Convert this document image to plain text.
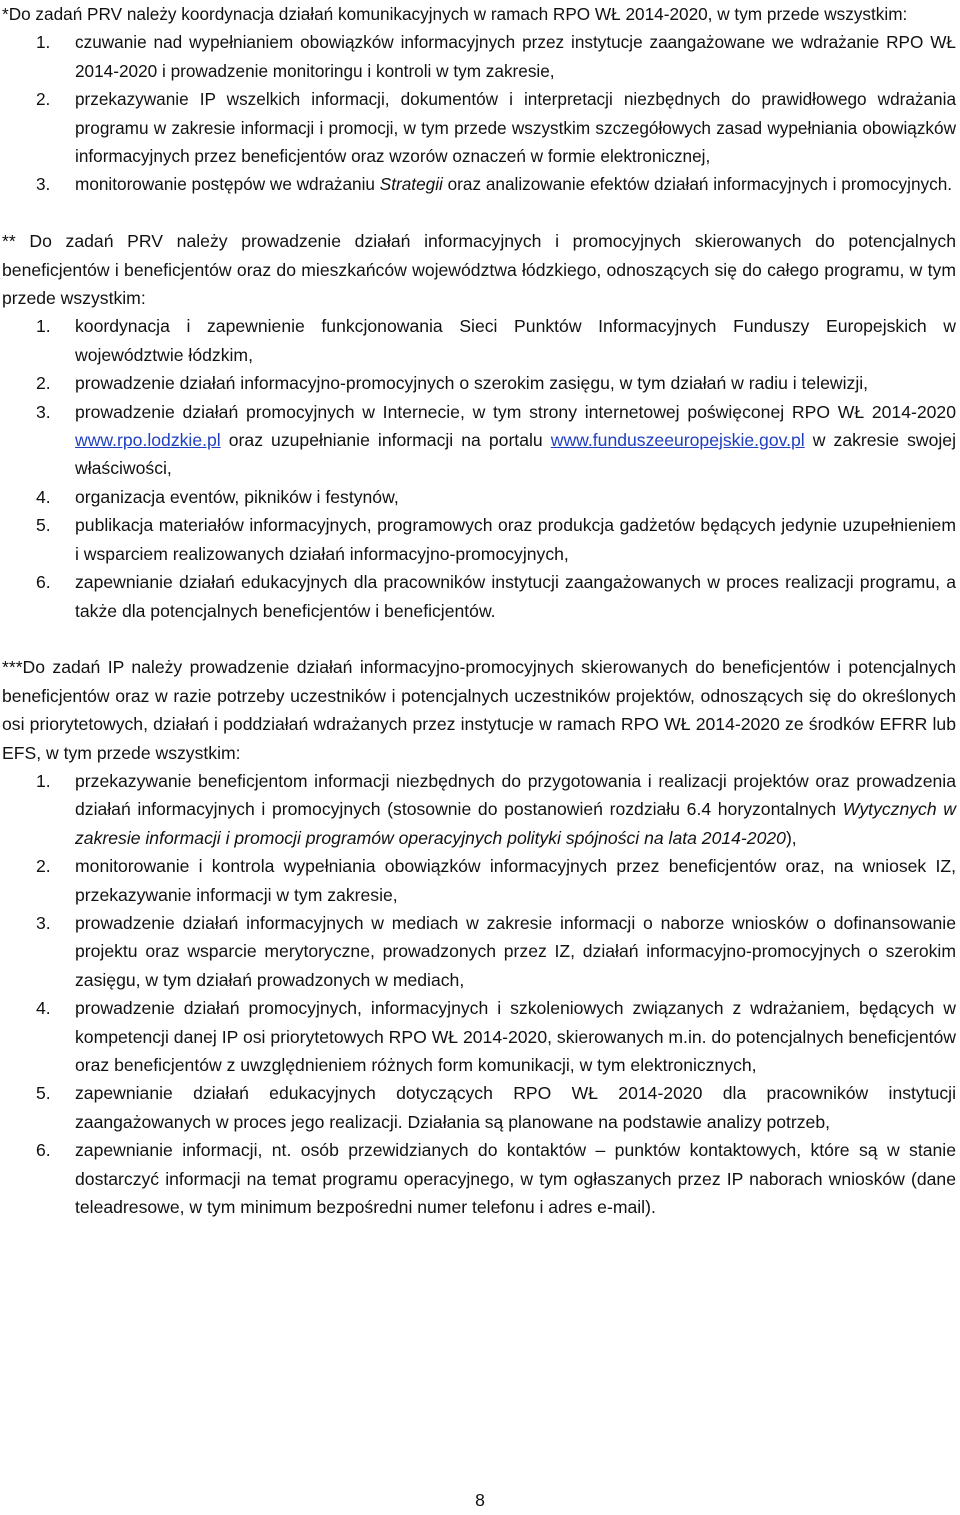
*Do zadań PRV należy koordynacja działań komunikacyjnych w ramach RPO WŁ 2014-2020, w tym przede wszystkim:

1. czuwanie nad wypełnianiem obowiązków informacyjnych przez instytucje zaangażowane we wdrażanie RPO WŁ 2014-2020 i prowadzenie monitoringu i kontroli w tym zakresie,
2. przekazywanie IP wszelkich informacji, dokumentów i interpretacji niezbędnych do prawidłowego wdrażania programu w zakresie informacji i promocji, w tym przede wszystkim szczegółowych zasad wypełniania obowiązków informacyjnych przez beneficjentów oraz wzorów oznaczeń w formie elektronicznej,
3. monitorowanie postępów we wdrażaniu Strategii oraz analizowanie efektów działań informacyjnych i promocyjnych.

** Do zadań PRV należy prowadzenie działań informacyjnych i promocyjnych skierowanych do potencjalnych beneficjentów i beneficjentów oraz do mieszkańców województwa łódzkiego, odnoszących się do całego programu, w tym przede wszystkim:

1. koordynacja i zapewnienie funkcjonowania Sieci Punktów Informacyjnych Funduszy Europejskich w województwie łódzkim,
2. prowadzenie działań informacyjno-promocyjnych o szerokim zasięgu, w tym działań w radiu i telewizji,
3. prowadzenie działań promocyjnych w Internecie, w tym strony internetowej poświęconej RPO WŁ 2014-2020 www.rpo.lodzkie.pl oraz uzupełnianie informacji na portalu www.funduszeeuropejskie.gov.pl w zakresie swojej właściwości,
4. organizacja eventów, pikników i festynów,
5. publikacja materiałów informacyjnych, programowych oraz produkcja gadżetów będących jedynie uzupełnieniem i wsparciem realizowanych działań informacyjno-promocyjnych,
6. zapewnianie działań edukacyjnych dla pracowników instytucji zaangażowanych w proces realizacji programu, a także dla potencjalnych beneficjentów i beneficjentów.

***Do zadań IP należy prowadzenie działań informacyjno-promocyjnych skierowanych do beneficjentów i potencjalnych beneficjentów oraz w razie potrzeby uczestników i potencjalnych uczestników projektów, odnoszących się do określonych osi priorytetowych, działań i poddziałań wdrażanych przez instytucje w ramach RPO WŁ 2014-2020 ze środków EFRR lub EFS, w tym przede wszystkim:

1. przekazywanie beneficjentom informacji niezbędnych do przygotowania i realizacji projektów oraz prowadzenia działań informacyjnych i promocyjnych (stosownie do postanowień rozdziału 6.4 horyzontalnych Wytycznych w zakresie informacji i promocji programów operacyjnych polityki spójności na lata 2014-2020),
2. monitorowanie i kontrola wypełniania obowiązków informacyjnych przez beneficjentów oraz, na wniosek IZ, przekazywanie informacji w tym zakresie,
3. prowadzenie działań informacyjnych w mediach w zakresie informacji o naborze wniosków o dofinansowanie projektu oraz wsparcie merytoryczne, prowadzonych przez IZ, działań informacyjno-promocyjnych o szerokim zasięgu, w tym działań prowadzonych w mediach,
4. prowadzenie działań promocyjnych, informacyjnych i szkoleniowych związanych z wdrażaniem, będących w kompetencji danej IP osi priorytetowych RPO WŁ 2014-2020, skierowanych m.in. do potencjalnych beneficjentów oraz beneficjentów z uwzględnieniem różnych form komunikacji, w tym elektronicznych,
5. zapewnianie działań edukacyjnych dotyczących RPO WŁ 2014-2020 dla pracowników instytucji zaangażowanych w proces jego realizacji. Działania są planowane na podstawie analizy potrzeb,
6. zapewnianie informacji, nt. osób przewidzianych do kontaktów – punktów kontaktowych, które są w stanie dostarczyć informacji na temat programu operacyjnego, w tym ogłaszanych przez IP naborach wniosków (dane teleadresowe, w tym minimum bezpośredni numer telefonu i adres e-mail).
8
